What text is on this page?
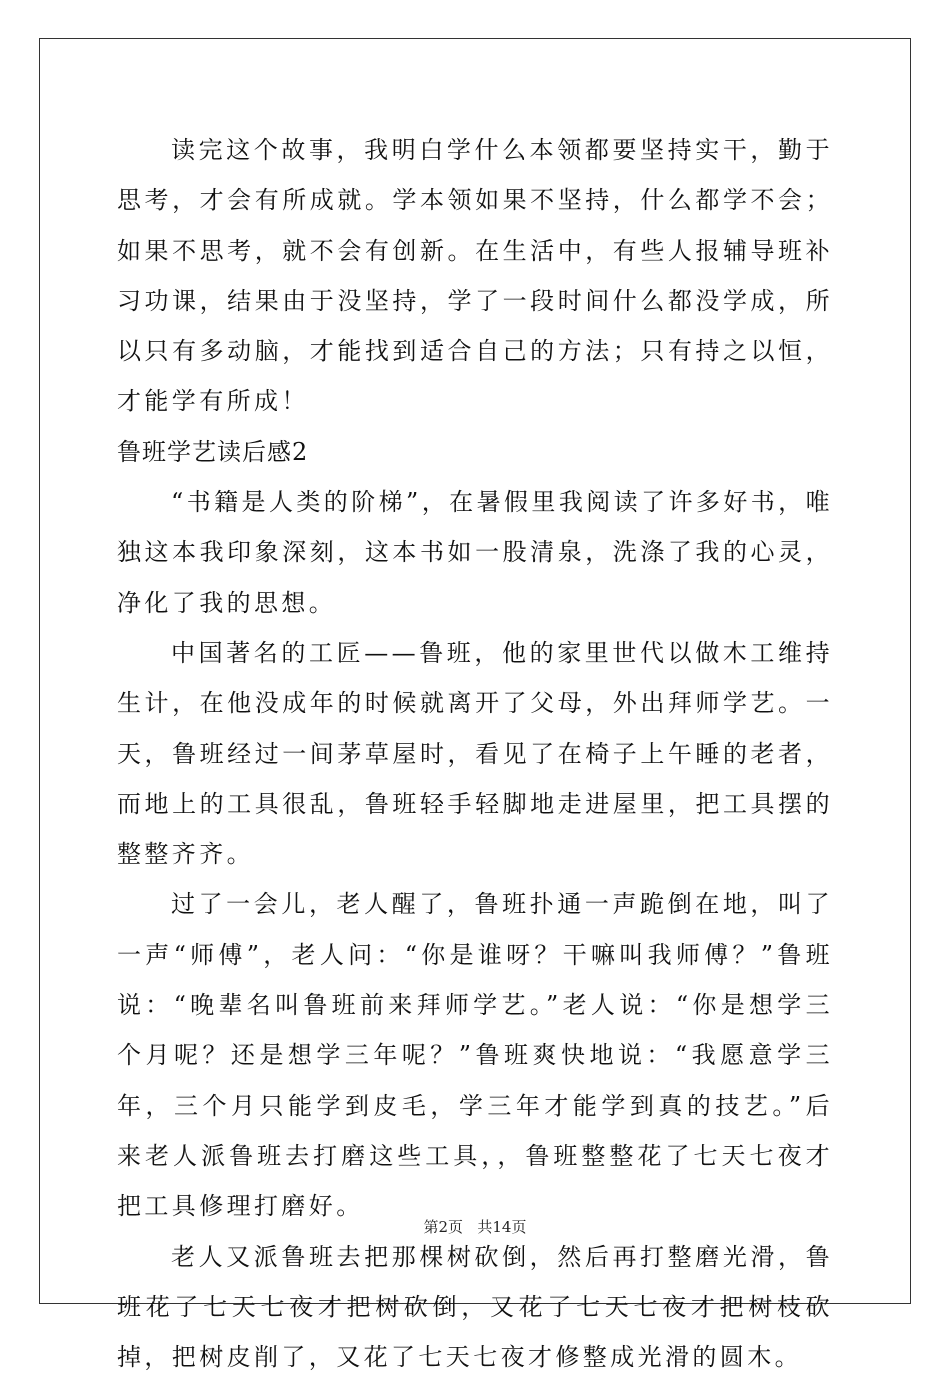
读完这个故事，我明白学什么本领都要坚持实干，勤于思考，才会有所成就。学本领如果不坚持，什么都学不会；如果不思考，就不会有创新。在生活中，有些人报辅导班补习功课，结果由于没坚持，学了一段时间什么都没学成，所以只有多动脑，才能找到适合自己的方法；只有持之以恒，才能学有所成！

鲁班学艺读后感2

“书籍是人类的阶梯”，在暑假里我阅读了许多好书，唯独这本我印象深刻，这本书如一股清泉，洗涤了我的心灵，净化了我的思想。

中国著名的工匠——鲁班，他的家里世代以做木工维持生计，在他没成年的时候就离开了父母，外出拜师学艺。一天，鲁班经过一间茅草屋时，看见了在椅子上午睡的老者，而地上的工具很乱，鲁班轻手轻脚地走进屋里，把工具摆的整整齐齐。

过了一会儿，老人醒了，鲁班扑通一声跪倒在地，叫了一声“师傅”，老人问：“你是谁呀？干嘛叫我师傅？”鲁班说：“晚辈名叫鲁班前来拜师学艺。”老人说：“你是想学三个月呢？还是想学三年呢？”鲁班爽快地说：“我愿意学三年，三个月只能学到皮毛，学三年才能学到真的技艺。”后来老人派鲁班去打磨这些工具，，鲁班整整花了七天七夜才把工具修理打磨好。

老人又派鲁班去把那棵树砍倒，然后再打整磨光滑，鲁班花了七天七夜才把树砍倒，又花了七天七夜才把树枝砍掉，把树皮削了，又花了七天七夜才修整成光滑的圆木。

第2页 共14页
